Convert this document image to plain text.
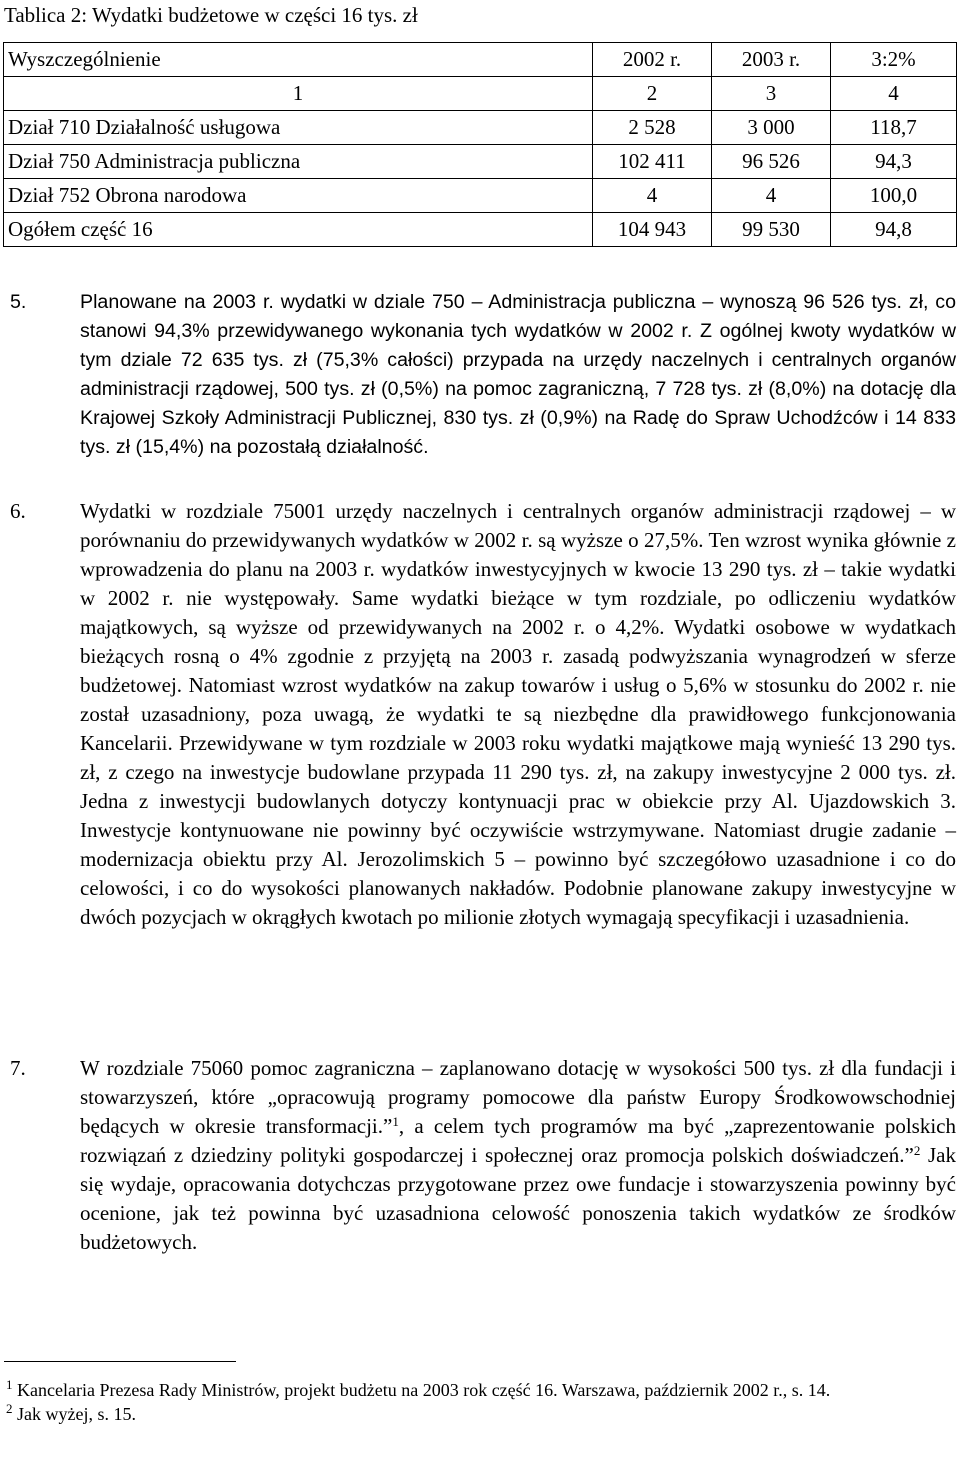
Tablica 2: Wydatki budżetowe w części 16 tys. zł
Wyszczególnienie	2002 r.	2003 r.	3:2%
1	2	3	4
Dział 710 Działalność usługowa	2 528	3 000	118,7
Dział 750 Administracja publiczna	102 411	96 526	94,3
Dział 752 Obrona narodowa	4	4	100,0
Ogółem część 16	104 943	99 530	94,8
5.	Planowane na 2003 r. wydatki w dziale 750 – Administracja publiczna – wynoszą 96 526 tys. zł, co stanowi 94,3% przewidywanego wykonania tych wydatków w 2002 r. Z ogólnej kwoty wydatków w tym dziale 72 635 tys. zł (75,3% całości) przypada na urzędy naczelnych i centralnych organów administracji rządowej, 500 tys. zł (0,5%) na pomoc zagraniczną, 7 728 tys. zł (8,0%) na dotację dla Krajowej Szkoły Administracji Publicznej, 830 tys. zł (0,9%) na Radę do Spraw Uchodźców i 14 833 tys. zł (15,4%) na pozostałą działalność.
6.	Wydatki w rozdziale 75001 urzędy naczelnych i centralnych organów administracji rządowej – w porównaniu do przewidywanych wydatków w 2002 r. są wyższe o 27,5%. Ten wzrost wynika głównie z wprowadzenia do planu na 2003 r. wydatków inwestycyjnych w kwocie 13 290 tys. zł – takie wydatki w 2002 r. nie występowały. Same wydatki bieżące w tym rozdziale, po odliczeniu wydatków majątkowych, są wyższe od przewidywanych na 2002 r. o 4,2%. Wydatki osobowe w wydatkach bieżących rosną o 4% zgodnie z przyjętą na 2003 r. zasadą podwyższania wynagrodzeń w sferze budżetowej. Natomiast wzrost wydatków na zakup towarów i usług o 5,6% w stosunku do 2002 r. nie został uzasadniony, poza uwagą, że wydatki te są niezbędne dla prawidłowego funkcjonowania Kancelarii. Przewidywane w tym rozdziale w 2003 roku wydatki majątkowe mają wynieść 13 290 tys. zł, z czego na inwestycje budowlane przypada 11 290 tys. zł, na zakupy inwestycyjne 2 000 tys. zł. Jedna z inwestycji budowlanych dotyczy kontynuacji prac w obiekcie przy Al. Ujazdowskich 3. Inwestycje kontynuowane nie powinny być oczywiście wstrzymywane. Natomiast drugie zadanie – modernizacja obiektu przy Al. Jerozolimskich 5 – powinno być szczegółowo uzasadnione i co do celowości, i co do wysokości planowanych nakładów. Podobnie planowane zakupy inwestycyjne w dwóch pozycjach w okrągłych kwotach po milionie złotych wymagają specyfikacji i uzasadnienia.
7.	W rozdziale 75060 pomoc zagraniczna – zaplanowano dotację w wysokości 500 tys. zł dla fundacji i stowarzyszeń, które „opracowują programy pomocowe dla państw Europy Środkowowschodniej będących w okresie transformacji.”$^1$, a celem tych programów ma być „zaprezentowanie polskich rozwiązań z dziedziny polityki gospodarczej i społecznej oraz promocja polskich doświadczeń.”$^2$ Jak się wydaje, opracowania dotychczas przygotowane przez owe fundacje i stowarzyszenia powinny być ocenione, jak też powinna być uzasadniona celowość ponoszenia takich wydatków ze środków budżetowych.

$^1$ Kancelaria Prezesa Rady Ministrów, projekt budżetu na 2003 rok część 16. Warszawa, październik 2002 r., s. 14.

$^2$ Jak wyżej, s. 15.
